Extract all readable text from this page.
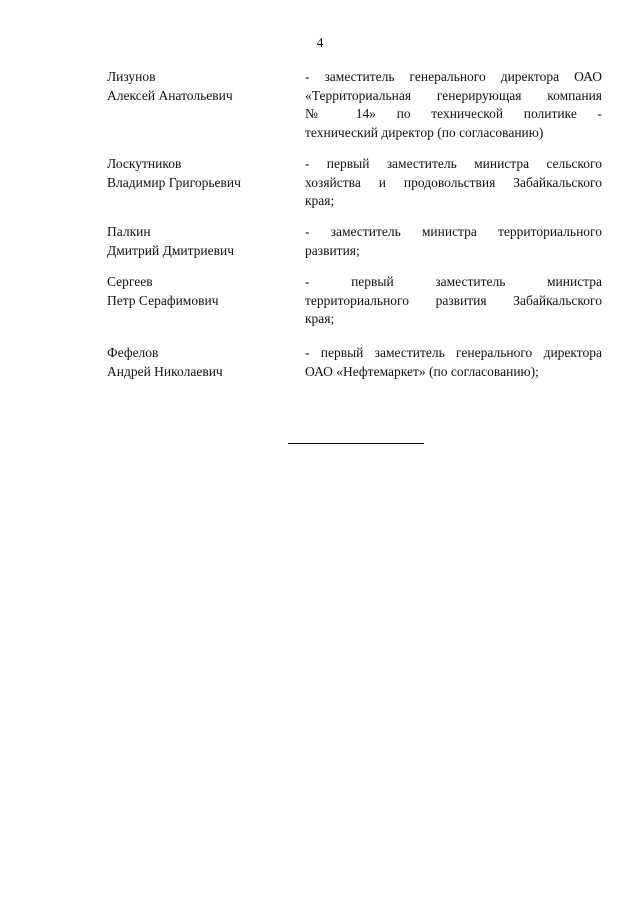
4
Лизунов
Алексей Анатольевич
- заместитель генерального директора ОАО
«Территориальная генерирующая компания
№ 14» по технической политике -
технический директор (по согласованию)
Лоскутников
Владимир Григорьевич
- первый заместитель министра сельского
хозяйства и продовольствия Забайкальского
края;
Палкин
Дмитрий Дмитриевич
- заместитель министра территориального
развития;
Сергеев
Петр Серафимович
- первый заместитель министра
территориального развития Забайкальского
края;
Фефелов
Андрей Николаевич
- первый заместитель генерального директора
ОАО «Нефтемаркет» (по согласованию);
